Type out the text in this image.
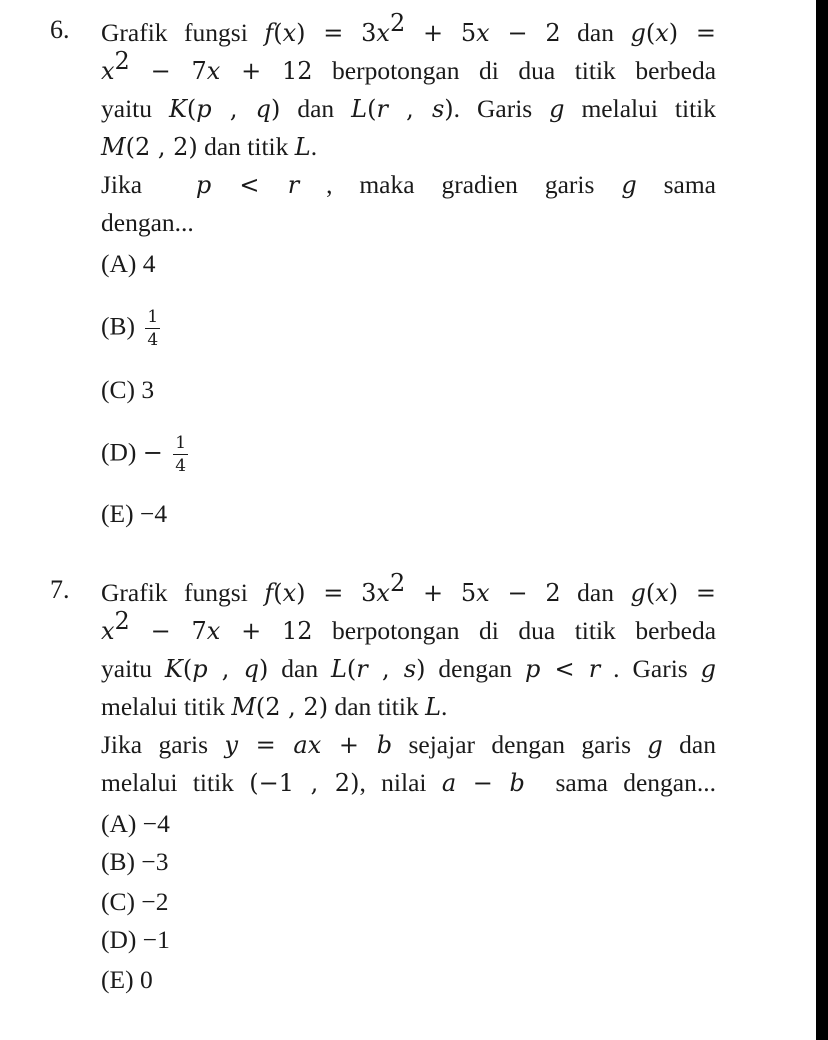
6. Grafik fungsi $f(x) = 3x^2 + 5x - 2$ dan g(x) =
$x^2 - 7x + 12$ berpotongan di dua titik berbeda
yaitu K(p , q) dan L(r , s). Garis g melalui titik
M(2 , 2) dan titik L.
Jika  p < r , maka gradien garis g sama
dengan...
(A) 4
$(B) \frac{1}{4}$
(C) 3
$(D) - \frac{1}{4}$
(E) −4
7. Grafik fungsi $f(x) = 3x^2 + 5x - 2$ dan g(x) =
$x^2 - 7x + 12$ berpotongan di dua titik berbeda
yaitu K(p , q) dan L(r , s) dengan p < r . Garis g
melalui titik M(2 , 2) dan titik L.
Jika garis y = ax + b sejajar dengan garis g dan
melalui titik (−1 , 2), nilai a − b  sama dengan...
(A) −4
(B) −3
(C) −2
(D) −1
(E) 0
